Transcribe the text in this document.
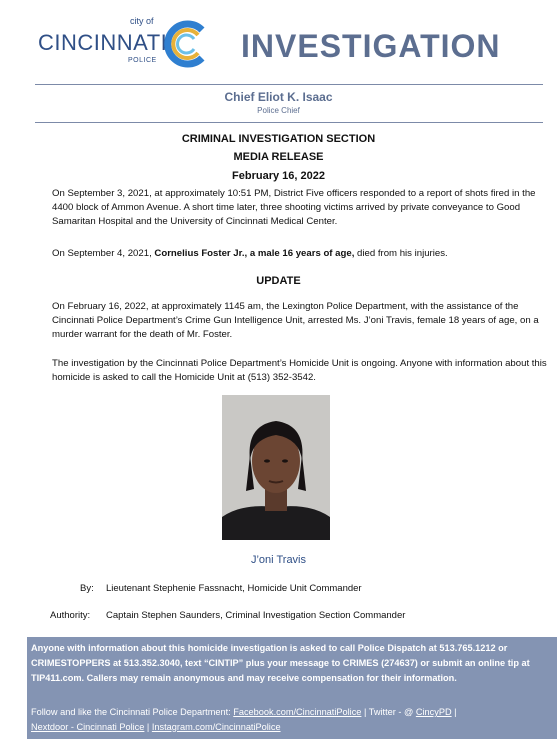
city of
CINCINNATI
POLICE	INVESTIGATION
Chief Eliot K. Isaac
Police Chief
CRIMINAL INVESTIGATION SECTION
MEDIA RELEASE
February 16, 2022
On September 3, 2021, at approximately 10:51 PM, District Five officers responded to a report of shots fired in the 4400 block of Ammon Avenue. A short time later, three shooting victims arrived by private conveyance to Good Samaritan Hospital and the University of Cincinnati Medical Center.
On September 4, 2021, Cornelius Foster Jr., a male 16 years of age, died from his injuries.
UPDATE
On February 16, 2022, at approximately 1145 am, the Lexington Police Department, with the assistance of the Cincinnati Police Department’s Crime Gun Intelligence Unit, arrested Ms. J’oni Travis, female 18 years of age, on a murder warrant for the death of Mr. Foster.
The investigation by the Cincinnati Police Department’s Homicide Unit is ongoing. Anyone with information about this homicide is asked to call the Homicide Unit at (513) 352-3542.
J’oni Travis
By: Lieutenant Stephenie Fassnacht, Homicide Unit Commander
Authority: Captain Stephen Saunders, Criminal Investigation Section Commander
Anyone with information about this homicide investigation is asked to call Police Dispatch at 513.765.1212 or CRIMESTOPPERS at 513.352.3040, text “CINTIP” plus your message to CRIMES (274637) or submit an online tip at TIP411.com. Callers may remain anonymous and may receive compensation for their information.
Follow and like the Cincinnati Police Department: Facebook.com/CincinnatiPolice | Twitter - @ CincyPD |
Nextdoor - Cincinnati Police | Instagram.com/CincinnatiPolice
